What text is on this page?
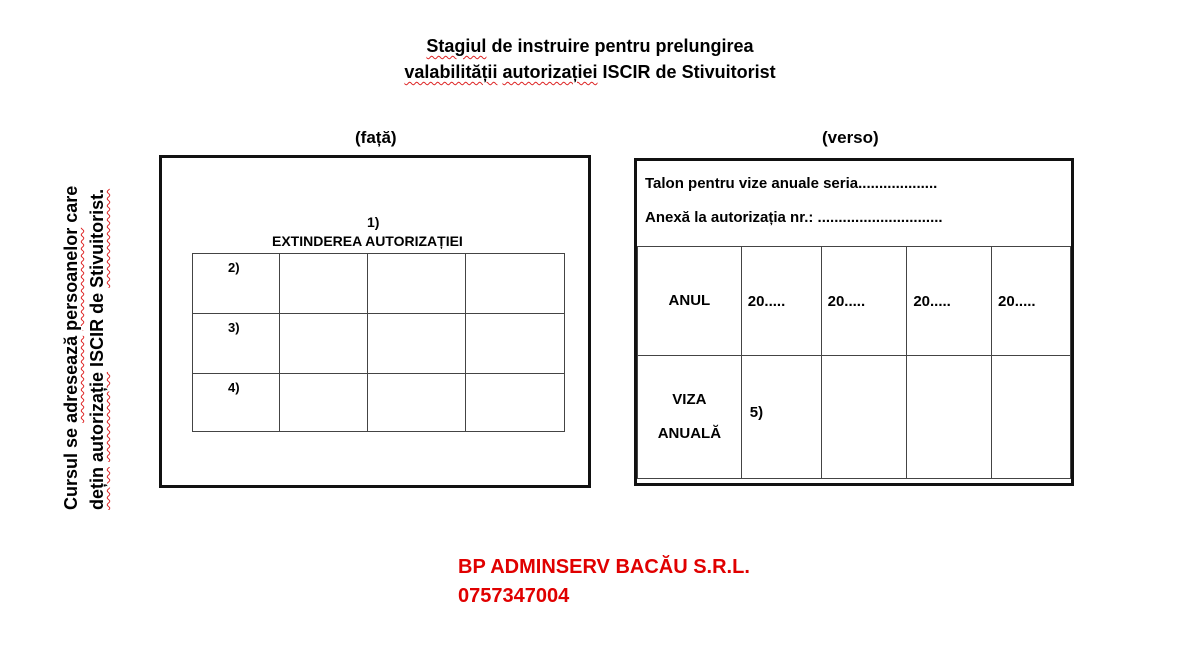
Stagiul de instruire pentru prelungirea
valabilității autorizației ISCIR de Stivuitorist
Cursul se adresează persoanelor care
dețin autorizație ISCIR de Stivuitorist.
(față)	(verso)
1)
EXTINDEREA AUTORIZAȚIEI
2)			
3)			
4)			
Talon pentru vize anuale seria...................
Anexă la autorizația nr.: ..............................
ANUL	20.....	20.....	20.....	20.....

VIZA
ANUALĂ	5)			
BP ADMINSERV BACĂU S.R.L.
0757347004
